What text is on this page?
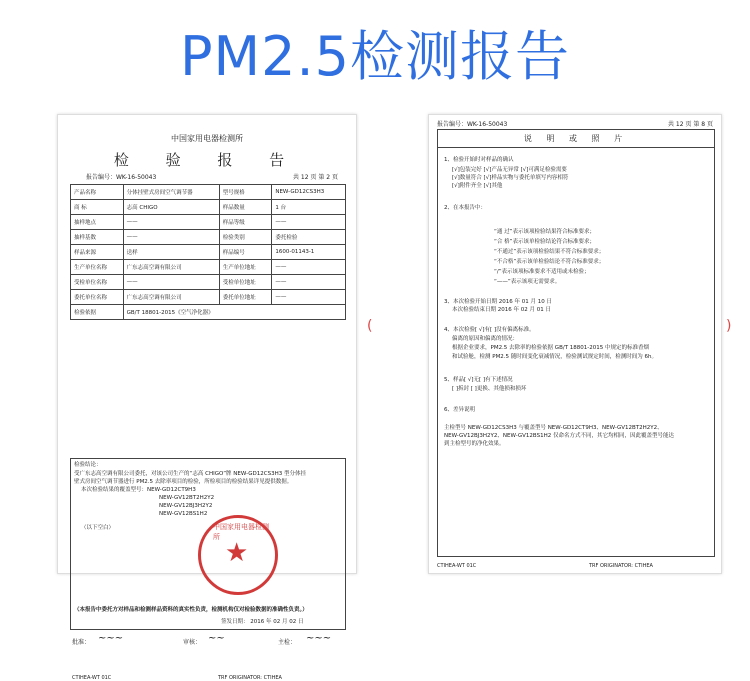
PM2.5检测报告
中国家用电器检测所
检 验 报 告
报告编号：WK-16-50043	共 12 页 第 2 页
产品名称	分体挂壁式房间空气调节器	型号规格	NEW-GD12CS3H3
商 标	志高 CHIGO	样品数量	1 台
抽样地点	——	样品等级	——
抽样基数	——	检验类别	委托检验
样品来源	送样	样品编号	1600-01143-1
生产单位名称	广东志高空调有限公司	生产单位地址	——
受检单位名称	——	受检单位地址	——
委托单位名称	广东志高空调有限公司	委托单位地址	——
检验依据	GB/T 18801-2015《空气净化器》		
检验结论：
受广东志高空调有限公司委托，对该公司生产的“志高 CHIGO”牌 NEW-GD12CS3H3 型分体挂
壁式房间空气调节器进行 PM2.5 去除率项目的检验，所检项目的检验结果详见提供数据。
本次检验结果的覆盖型号：NEW-GD12CT9H3
NEW-GV12BT2H2Y2
NEW-GV12BJ3H2Y2
NEW-GV12BS1H2
（以下空白）
（本报告中委托方对样品和检测样品资料的真实性负责，检测机构仅对检验数据的准确性负责。）
签发日期： 2016 年 02 月 02 日
中国家用电器检测所
★
批准：	审核：	主检：
~~~	~~	~~~
CTIHEA-WT 01C	TRF ORIGINATOR: CTIHEA
(	)
报告编号：WK-16-50043	共 12 页 第 8 页
说 明 或 照 片
1、检验开始时对样品的确认
[√]包装完好 [√]产品无异常 [√]可满足检验需要
[√]数量符合 [√]样品实物与委托单填写内容相符
[√]附件齐全 [√]其他
2、在本报告中：
“通 过”表示该项检验结果符合标准要求；
“合 格”表示该单检验结论符合标准要求；
“不通过”表示该项检验结果不符合标准要求；
“不合格”表示该单检验结论不符合标准要求；
“/”表示该项标准要求不适用或未检验；
“——”表示该项无需要求。
3、本次检验开始日期 2016 年 01 月 10 日
本次检验结束日期 2016 年 02 月 01 日
4、本次检验[ √]有[ ]没有偏离标准。
偏离的原因和偏离的情况：
根据企业要求，PM2.5 去除率的检验依据 GB/T 18801-2015 中规定的标准香烟
和试验舱，检测 PM2.5 随时间变化衰减情况，检验测试规定时间，检测时间为 6h。
5、样品[ √]无[ ]有下述情况
[ ]拆封 [ ]更换、其他损和损坏
6、差异说明
主检型号 NEW-GD12CS3H3 与覆盖型号 NEW-GD12CT9H3、NEW-GV12BT2H2Y2、
NEW-GV12BJ3H2Y2、NEW-GV12BS1H2 仅命名方式不同，其它均相同，因此覆盖型号能达
到主检型号的净化效果。
CTIHEA-WT 01C	TRF ORIGINATOR: CTIHEA
